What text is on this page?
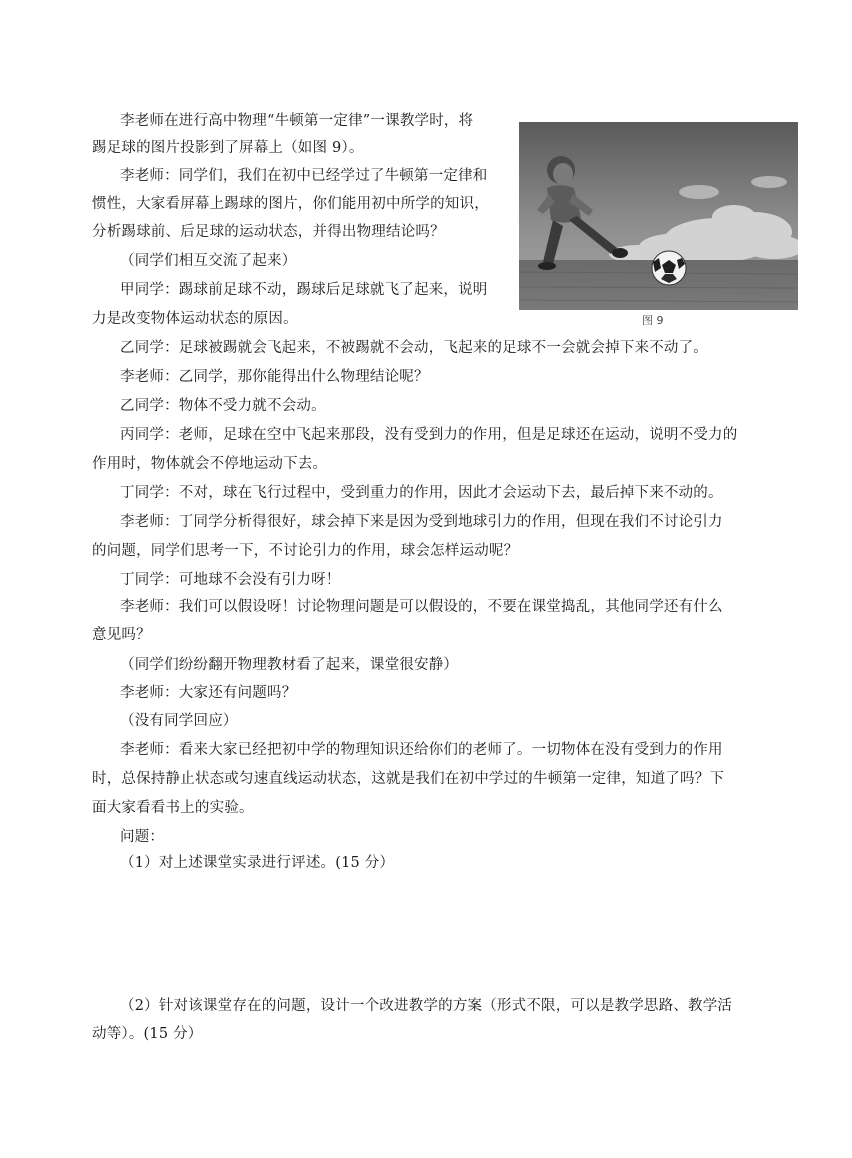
李老师在进行高中物理“牛顿第一定律”一课教学时，将
踢足球的图片投影到了屏幕上（如图 9）。
李老师：同学们，我们在初中已经学过了牛顿第一定律和
惯性，大家看屏幕上踢球的图片，你们能用初中所学的知识，
分析踢球前、后足球的运动状态，并得出物理结论吗？
（同学们相互交流了起来）
甲同学：踢球前足球不动，踢球后足球就飞了起来，说明
力是改变物体运动状态的原因。
乙同学：足球被踢就会飞起来，不被踢就不会动，飞起来的足球不一会就会掉下来不动了。
李老师：乙同学，那你能得出什么物理结论呢？
乙同学：物体不受力就不会动。
丙同学：老师，足球在空中飞起来那段，没有受到力的作用，但是足球还在运动，说明不受力的
作用时，物体就会不停地运动下去。
丁同学：不对，球在飞行过程中，受到重力的作用，因此才会运动下去，最后掉下来不动的。
李老师：丁同学分析得很好，球会掉下来是因为受到地球引力的作用，但现在我们不讨论引力
的问题，同学们思考一下，不讨论引力的作用，球会怎样运动呢？
丁同学：可地球不会没有引力呀！
李老师：我们可以假设呀！讨论物理问题是可以假设的，不要在课堂捣乱，其他同学还有什么
意见吗？
（同学们纷纷翻开物理教材看了起来，课堂很安静）
李老师：大家还有问题吗？
（没有同学回应）
李老师：看来大家已经把初中学的物理知识还给你们的老师了。一切物体在没有受到力的作用
时，总保持静止状态或匀速直线运动状态，这就是我们在初中学过的牛顿第一定律，知道了吗？下
面大家看看书上的实验。
问题：
（1）对上述课堂实录进行评述。(15 分）
（2）针对该课堂存在的问题，设计一个改进教学的方案（形式不限，可以是教学思路、教学活
动等）。(15 分）
图 9
